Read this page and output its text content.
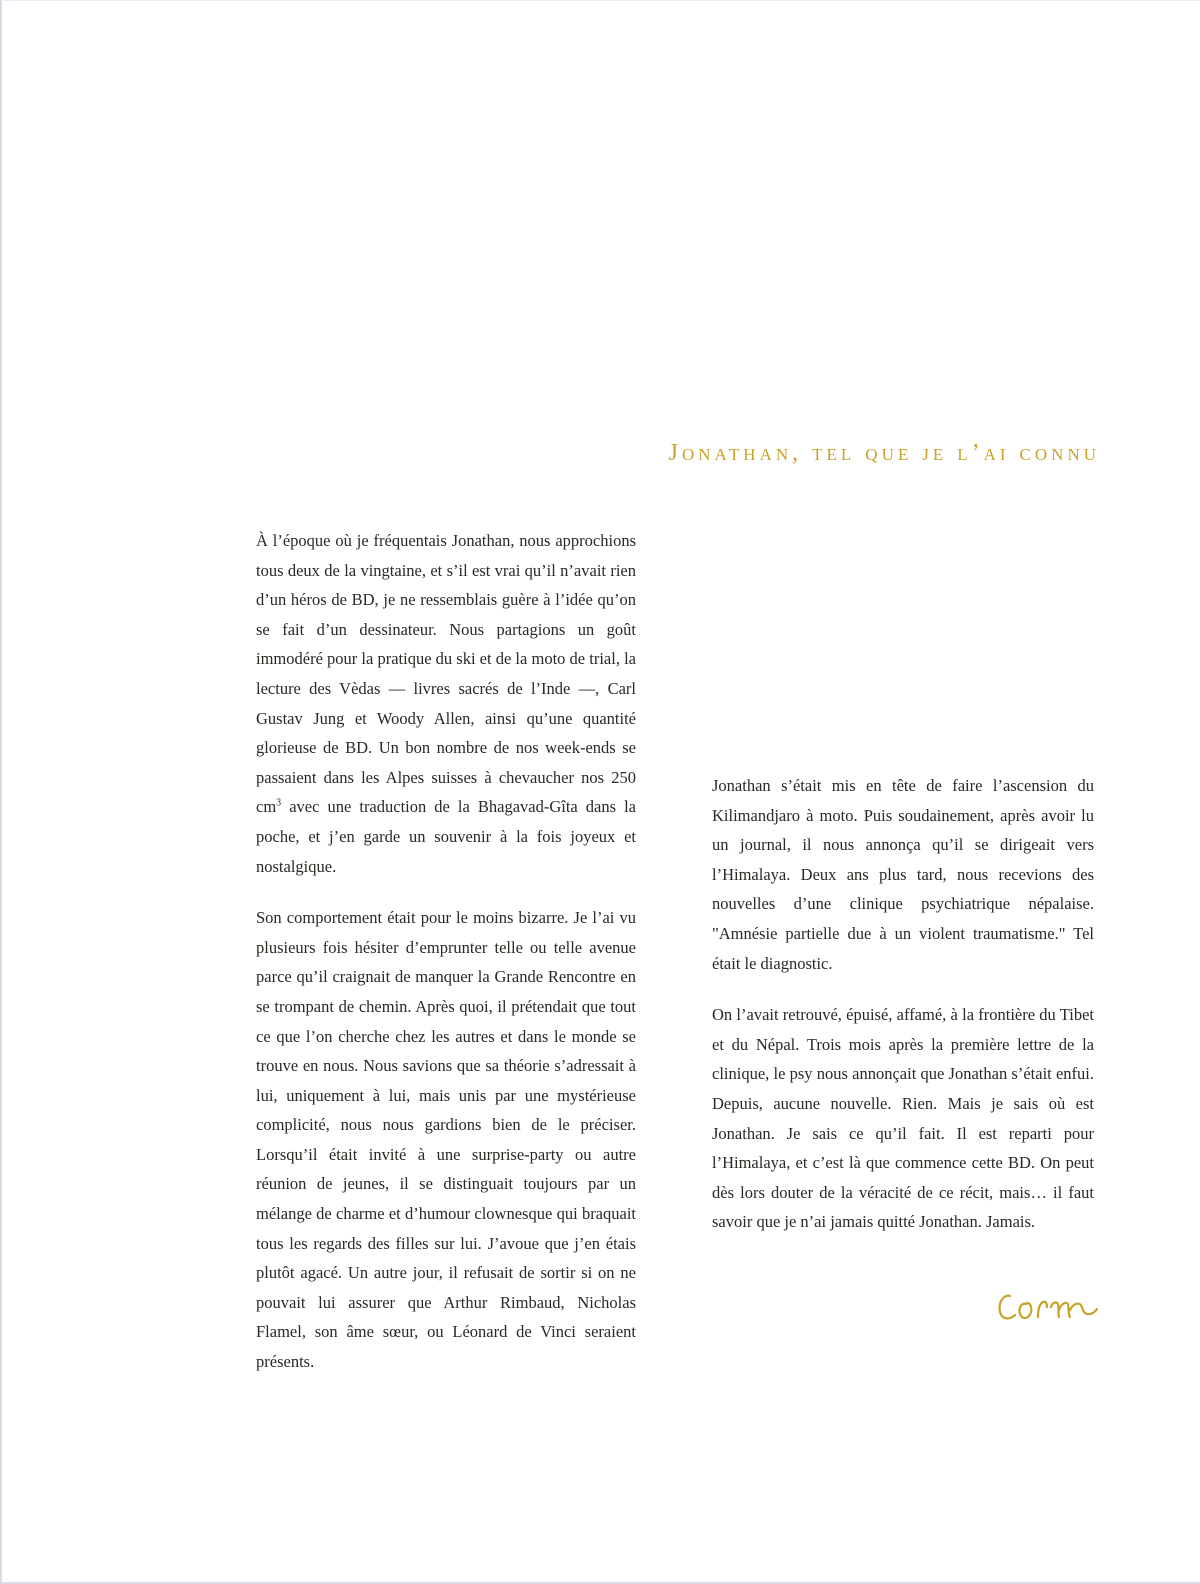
Jonathan, tel que je l’ai connu

À l’époque où je fréquentais Jonathan, nous approchions tous deux de la vingtaine, et s’il est vrai qu’il n’avait rien d’un héros de BD, je ne ressemblais guère à l’idée qu’on se fait d’un dessinateur. Nous partagions un goût immodéré pour la pratique du ski et de la moto de trial, la lecture des Vèdas — livres sacrés de l’Inde —, Carl Gustav Jung et Woody Allen, ainsi qu’une quantité glorieuse de BD. Un bon nombre de nos week-ends se passaient dans les Alpes suisses à chevaucher nos 250 $cm^3$ avec une traduction de la Bhagavad-Gîta dans la poche, et j’en garde un souvenir à la fois joyeux et nostalgique.

Son comportement était pour le moins bizarre. Je l’ai vu plusieurs fois hésiter d’emprunter telle ou telle avenue parce qu’il craignait de manquer la Grande Rencontre en se trompant de chemin. Après quoi, il prétendait que tout ce que l’on cherche chez les autres et dans le monde se trouve en nous. Nous savions que sa théorie s’adressait à lui, uniquement à lui, mais unis par une mystérieuse complicité, nous nous gardions bien de le préciser. Lorsqu’il était invité à une surprise-party ou autre réunion de jeunes, il se distinguait toujours par un mélange de charme et d’humour clownesque qui braquait tous les regards des filles sur lui. J’avoue que j’en étais plutôt agacé. Un autre jour, il refusait de sortir si on ne pouvait lui assurer que Arthur Rimbaud, Nicholas Flamel, son âme sœur, ou Léonard de Vinci seraient présents.

Jonathan s’était mis en tête de faire l’ascension du Kilimandjaro à moto. Puis soudainement, après avoir lu un journal, il nous annonça qu’il se dirigeait vers l’Himalaya. Deux ans plus tard, nous recevions des nouvelles d’une clinique psychiatrique népalaise. "Amnésie partielle due à un violent traumatisme." Tel était le diagnostic.

On l’avait retrouvé, épuisé, affamé, à la frontière du Tibet et du Népal. Trois mois après la première lettre de la clinique, le psy nous annonçait que Jonathan s’était enfui. Depuis, aucune nouvelle. Rien. Mais je sais où est Jonathan. Je sais ce qu’il fait. Il est reparti pour l’Himalaya, et c’est là que commence cette BD. On peut dès lors douter de la véracité de ce récit, mais… il faut savoir que je n’ai jamais quitté Jonathan. Jamais.
